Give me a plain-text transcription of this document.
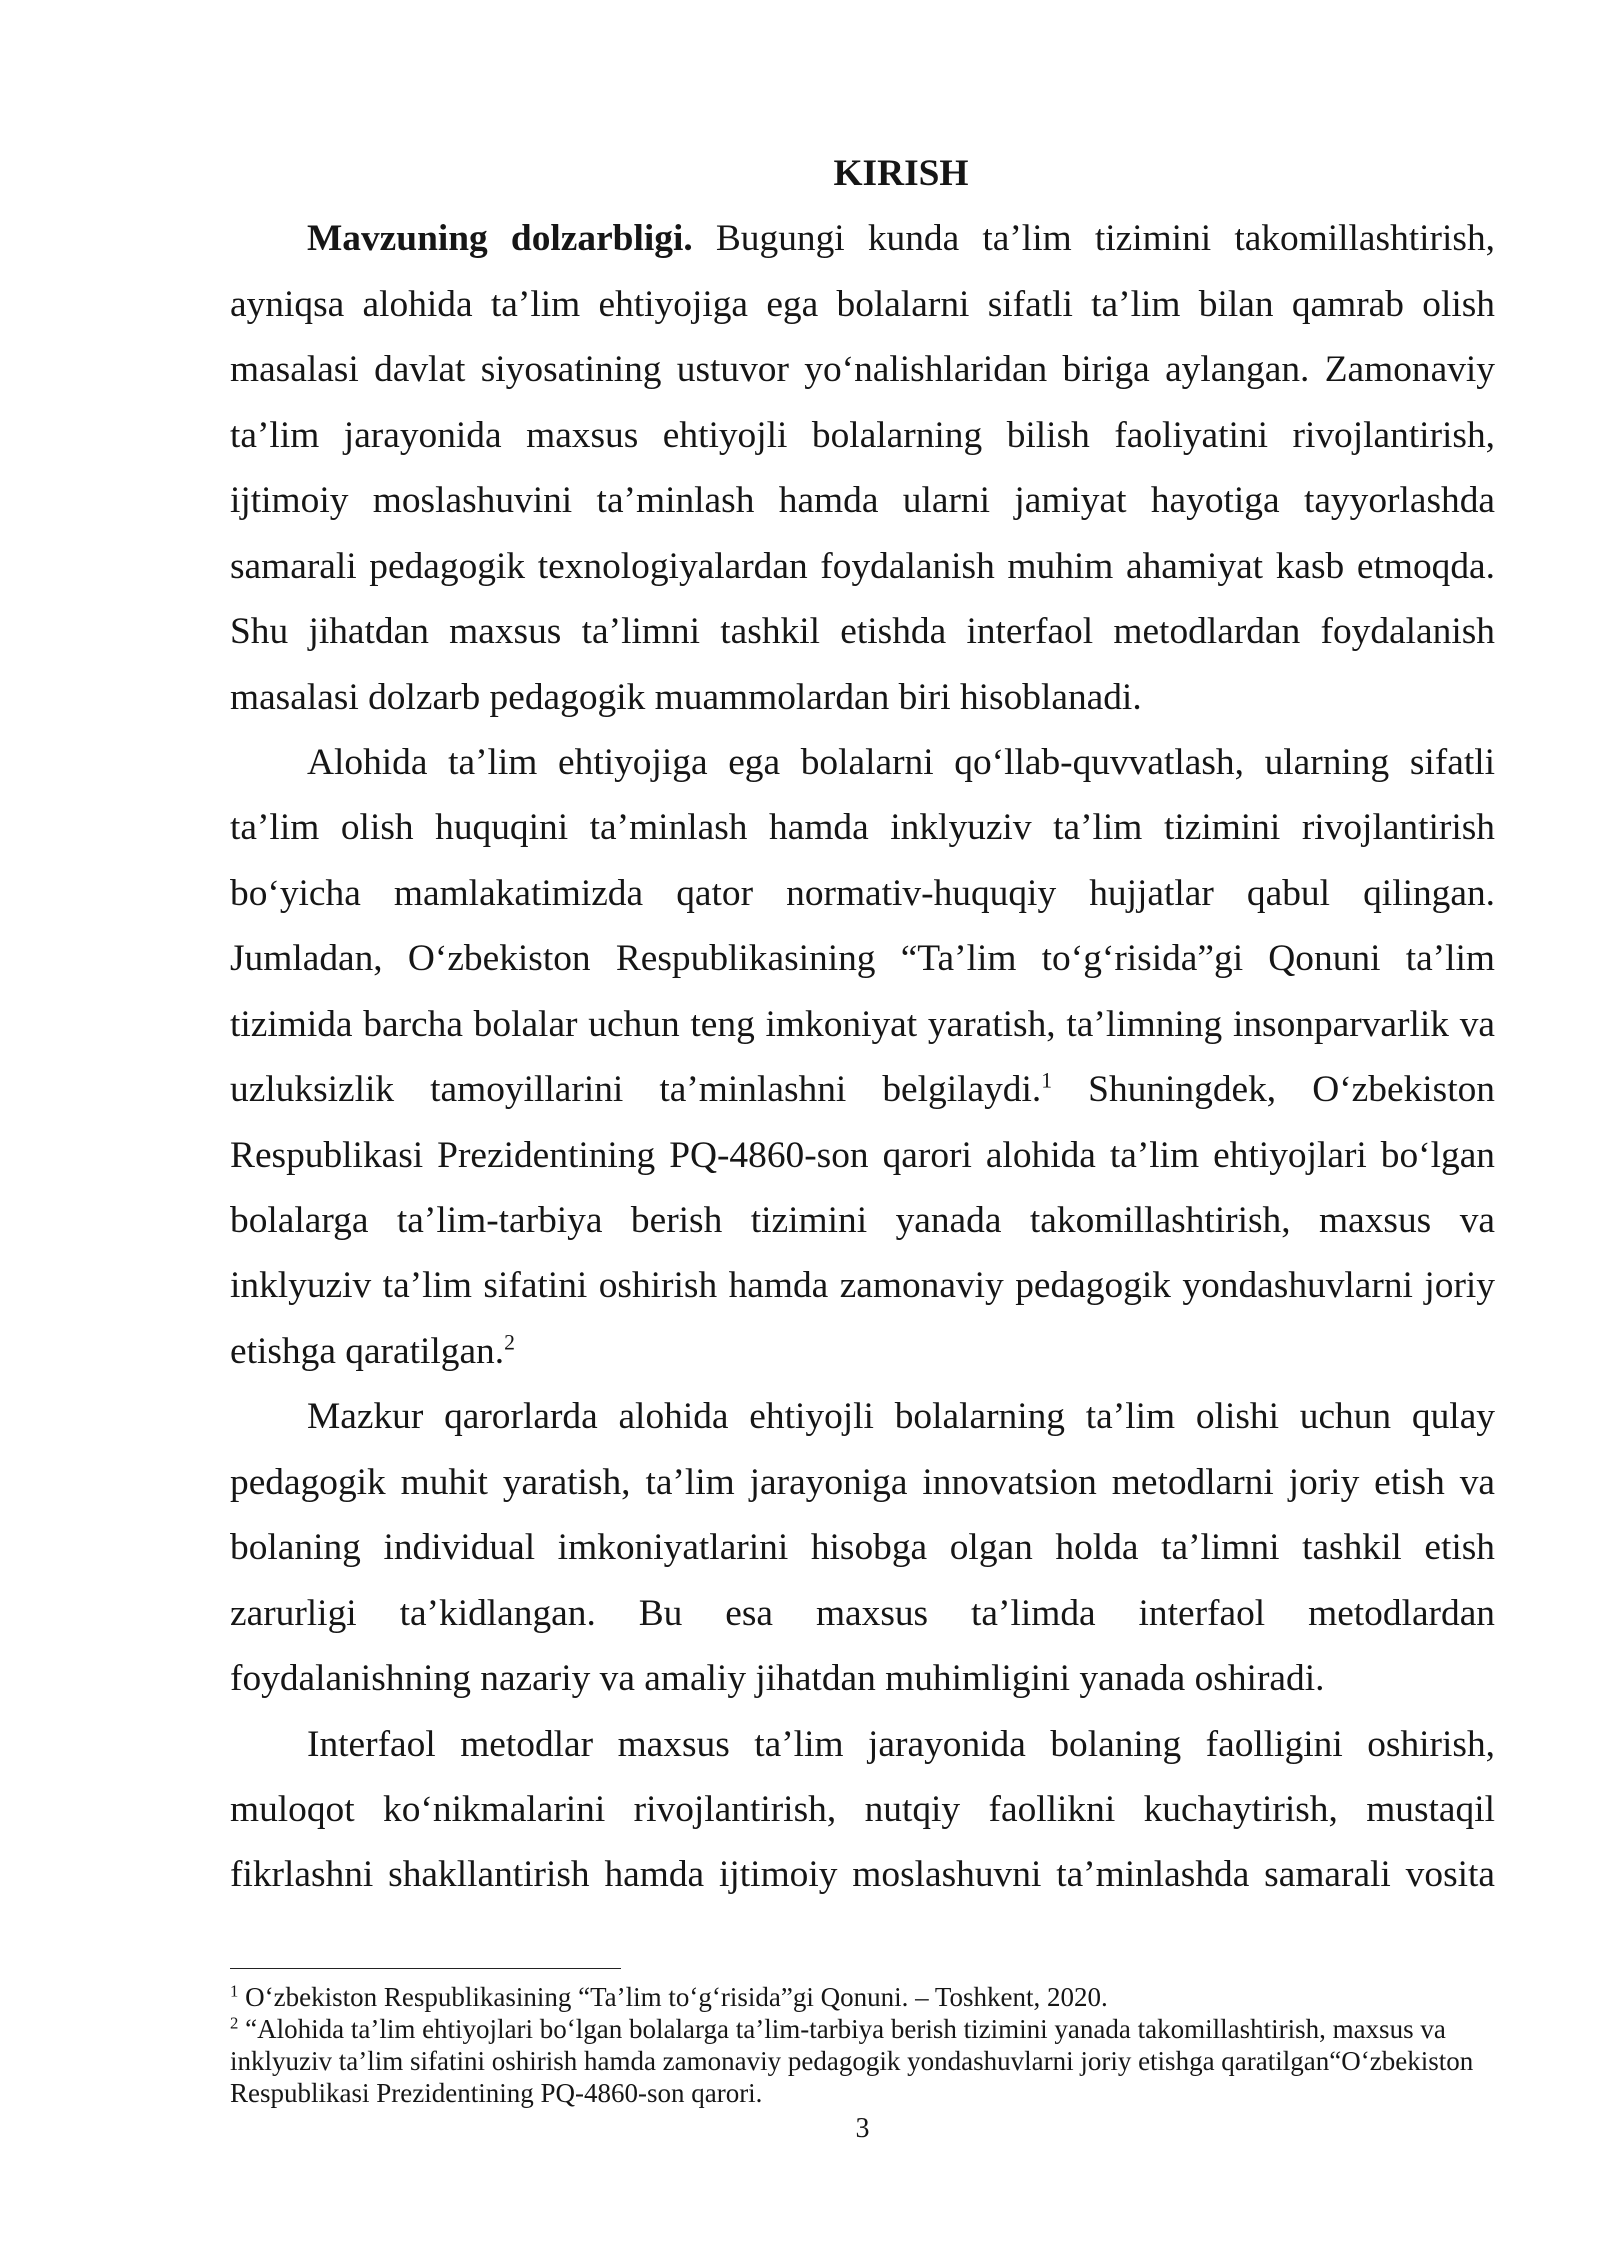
KIRISH
Mavzuning dolzarbligi. Bugungi kunda ta’lim tizimini takomillashtirish,
ayniqsa alohida ta’lim ehtiyojiga ega bolalarni sifatli ta’lim bilan qamrab olish
masalasi davlat siyosatining ustuvor yo‘nalishlaridan biriga aylangan. Zamonaviy
ta’lim jarayonida maxsus ehtiyojli bolalarning bilish faoliyatini rivojlantirish,
ijtimoiy moslashuvini ta’minlash hamda ularni jamiyat hayotiga tayyorlashda
samarali pedagogik texnologiyalardan foydalanish muhim ahamiyat kasb etmoqda.
Shu jihatdan maxsus ta’limni tashkil etishda interfaol metodlardan foydalanish
masalasi dolzarb pedagogik muammolardan biri hisoblanadi.
Alohida ta’lim ehtiyojiga ega bolalarni qo‘llab-quvvatlash, ularning sifatli
ta’lim olish huquqini ta’minlash hamda inklyuziv ta’lim tizimini rivojlantirish
bo‘yicha mamlakatimizda qator normativ-huquqiy hujjatlar qabul qilingan.
Jumladan, O‘zbekiston Respublikasining “Ta’lim to‘g‘risida”gi Qonuni ta’lim
tizimida barcha bolalar uchun teng imkoniyat yaratish, ta’limning insonparvarlik va
uzluksizlik tamoyillarini ta’minlashni belgilaydi.$^1$ Shuningdek, O‘zbekiston
Respublikasi Prezidentining PQ-4860-son qarori alohida ta’lim ehtiyojlari bo‘lgan
bolalarga ta’lim-tarbiya berish tizimini yanada takomillashtirish, maxsus va
inklyuziv ta’lim sifatini oshirish hamda zamonaviy pedagogik yondashuvlarni joriy
etishga qaratilgan.$^2$
Mazkur qarorlarda alohida ehtiyojli bolalarning ta’lim olishi uchun qulay
pedagogik muhit yaratish, ta’lim jarayoniga innovatsion metodlarni joriy etish va
bolaning individual imkoniyatlarini hisobga olgan holda ta’limni tashkil etish
zarurligi ta’kidlangan. Bu esa maxsus ta’limda interfaol metodlardan
foydalanishning nazariy va amaliy jihatdan muhimligini yanada oshiradi.
Interfaol metodlar maxsus ta’lim jarayonida bolaning faolligini oshirish,
muloqot ko‘nikmalarini rivojlantirish, nutqiy faollikni kuchaytirish, mustaqil
fikrlashni shakllantirish hamda ijtimoiy moslashuvni ta’minlashda samarali vosita
$^1$ O‘zbekiston Respublikasining “Ta’lim to‘g‘risida”gi Qonuni. – Toshkent, 2020.
$^2$ “Alohida ta’lim ehtiyojlari bo‘lgan bolalarga ta’lim-tarbiya berish tizimini yanada takomillashtirish, maxsus va
inklyuziv ta’lim sifatini oshirish hamda zamonaviy pedagogik yondashuvlarni joriy etishga qaratilgan“O‘zbekiston
Respublikasi Prezidentining PQ-4860-son qarori.
3
